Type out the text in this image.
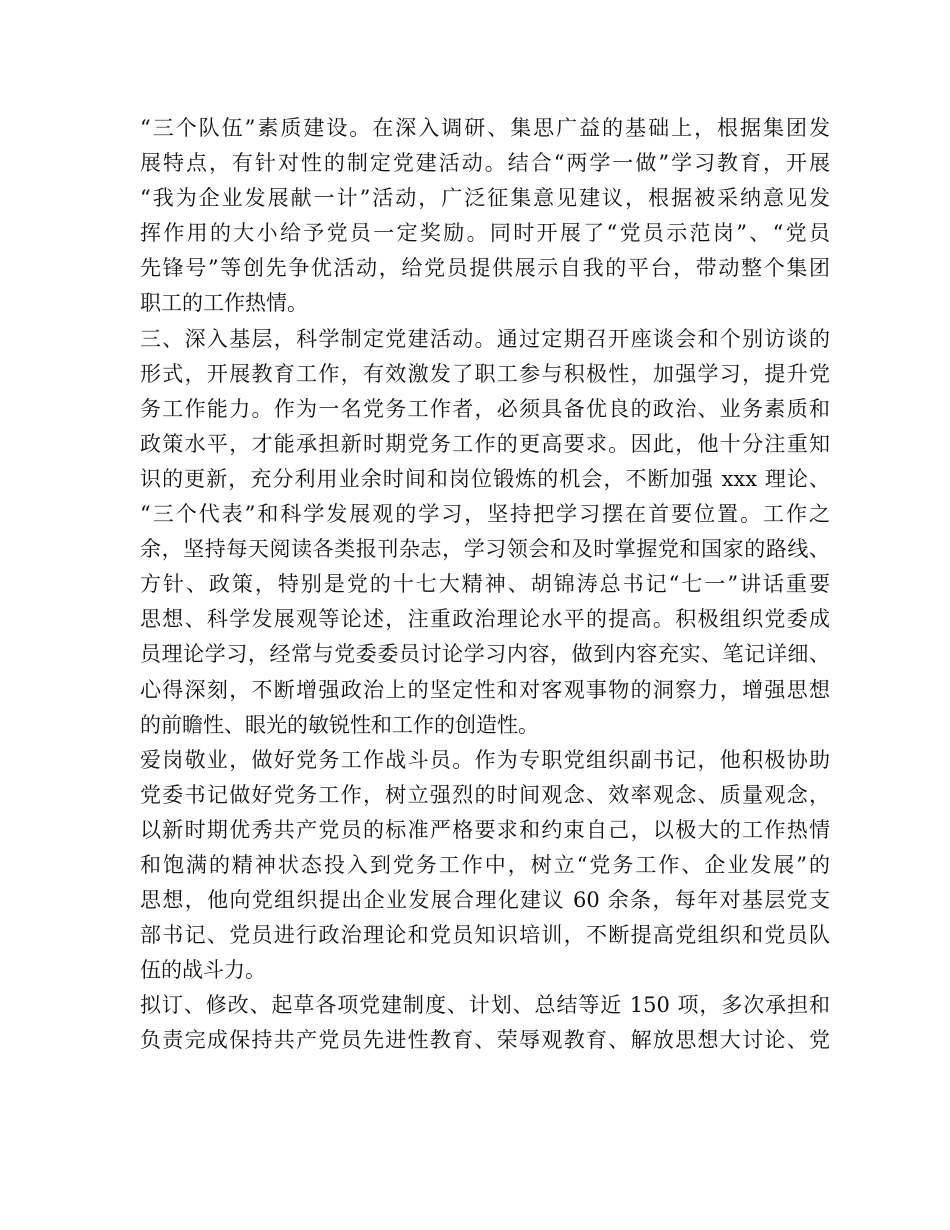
“三个队伍”素质建设。在深入调研、集思广益的基础上，根据集团发
展特点，有针对性的制定党建活动。结合“两学一做”学习教育，开展
“我为企业发展献一计”活动，广泛征集意见建议，根据被采纳意见发
挥作用的大小给予党员一定奖励。同时开展了“党员示范岗”、“党员
先锋号”等创先争优活动，给党员提供展示自我的平台，带动整个集团
职工的工作热情。
三、深入基层，科学制定党建活动。通过定期召开座谈会和个别访谈的
形式，开展教育工作，有效激发了职工参与积极性，加强学习，提升党
务工作能力。作为一名党务工作者，必须具备优良的政治、业务素质和
政策水平，才能承担新时期党务工作的更高要求。因此，他十分注重知
识的更新，充分利用业余时间和岗位锻炼的机会，不断加强 xxx 理论、
“三个代表”和科学发展观的学习，坚持把学习摆在首要位置。工作之
余，坚持每天阅读各类报刊杂志，学习领会和及时掌握党和国家的路线、
方针、政策，特别是党的十七大精神、胡锦涛总书记“七一”讲话重要
思想、科学发展观等论述，注重政治理论水平的提高。积极组织党委成
员理论学习，经常与党委委员讨论学习内容，做到内容充实、笔记详细、
心得深刻，不断增强政治上的坚定性和对客观事物的洞察力，增强思想
的前瞻性、眼光的敏锐性和工作的创造性。
爱岗敬业，做好党务工作战斗员。作为专职党组织副书记，他积极协助
党委书记做好党务工作，树立强烈的时间观念、效率观念、质量观念，
以新时期优秀共产党员的标准严格要求和约束自己，以极大的工作热情
和饱满的精神状态投入到党务工作中，树立“党务工作、企业发展”的
思想，他向党组织提出企业发展合理化建议 60 余条，每年对基层党支
部书记、党员进行政治理论和党员知识培训，不断提高党组织和党员队
伍的战斗力。
拟订、修改、起草各项党建制度、计划、总结等近 150 项，多次承担和
负责完成保持共产党员先进性教育、荣辱观教育、解放思想大讨论、党
